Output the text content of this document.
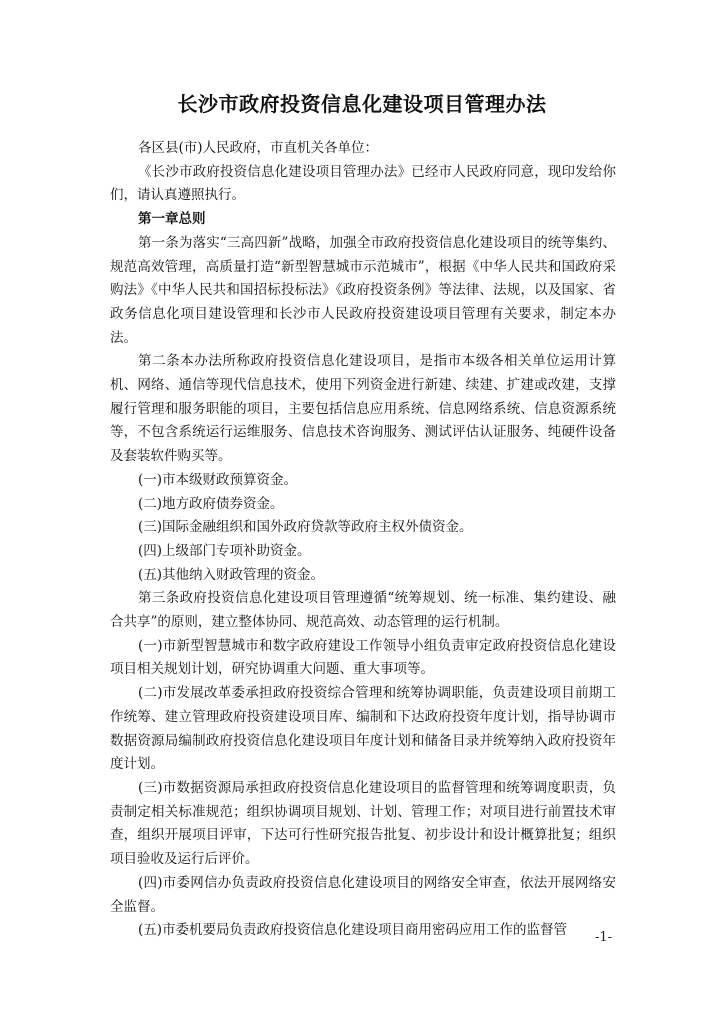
长沙市政府投资信息化建设项目管理办法

各区县(市)人民政府，市直机关各单位：

《长沙市政府投资信息化建设项目管理办法》已经市人民政府同意，现印发给你们，请认真遵照执行。

第一章总则

第一条为落实“三高四新”战略，加强全市政府投资信息化建设项目的统等集约、规范高效管理，高质量打造“新型智慧城市示范城市”，根据《中华人民共和国政府采购法》《中华人民共和国招标投标法》《政府投资条例》等法律、法规，以及国家、省政务信息化项目建设管理和长沙市人民政府投资建设项目管理有关要求，制定本办法。

第二条本办法所称政府投资信息化建设项目，是指市本级各相关单位运用计算机、网络、通信等现代信息技术，使用下列资金进行新建、续建、扩建或改建，支撑履行管理和服务职能的项目，主要包括信息应用系统、信息网络系统、信息资源系统等，不包含系统运行运维服务、信息技术咨询服务、测试评估认证服务、纯硬件设备及套装软件购买等。

(一)市本级财政预算资金。

(二)地方政府债券资金。

(三)国际金融组织和国外政府贷款等政府主权外债资金。

(四)上级部门专项补助资金。

(五)其他纳入财政管理的资金。

第三条政府投资信息化建设项目管理遵循“统筹规划、统一标准、集约建设、融合共享”的原则，建立整体协同、规范高效、动态管理的运行机制。

(一)市新型智慧城市和数字政府建设工作领导小组负责审定政府投资信息化建设项目相关规划计划，研究协调重大问题、重大事项等。

(二)市发展改革委承担政府投资综合管理和统筹协调职能，负责建设项目前期工作统筹、建立管理政府投资建设项目库、编制和下达政府投资年度计划，指导协调市数据资源局编制政府投资信息化建设项目年度计划和储备目录并统筹纳入政府投资年度计划。

(三)市数据资源局承担政府投资信息化建设项目的监督管理和统筹调度职责，负责制定相关标准规范；组织协调项目规划、计划、管理工作；对项目进行前置技术审查，组织开展项目评审，下达可行性研究报告批复、初步设计和设计概算批复；组织项目验收及运行后评价。

(四)市委网信办负责政府投资信息化建设项目的网络安全审查，依法开展网络安全监督。

(五)市委机要局负责政府投资信息化建设项目商用密码应用工作的监督管	-1-
